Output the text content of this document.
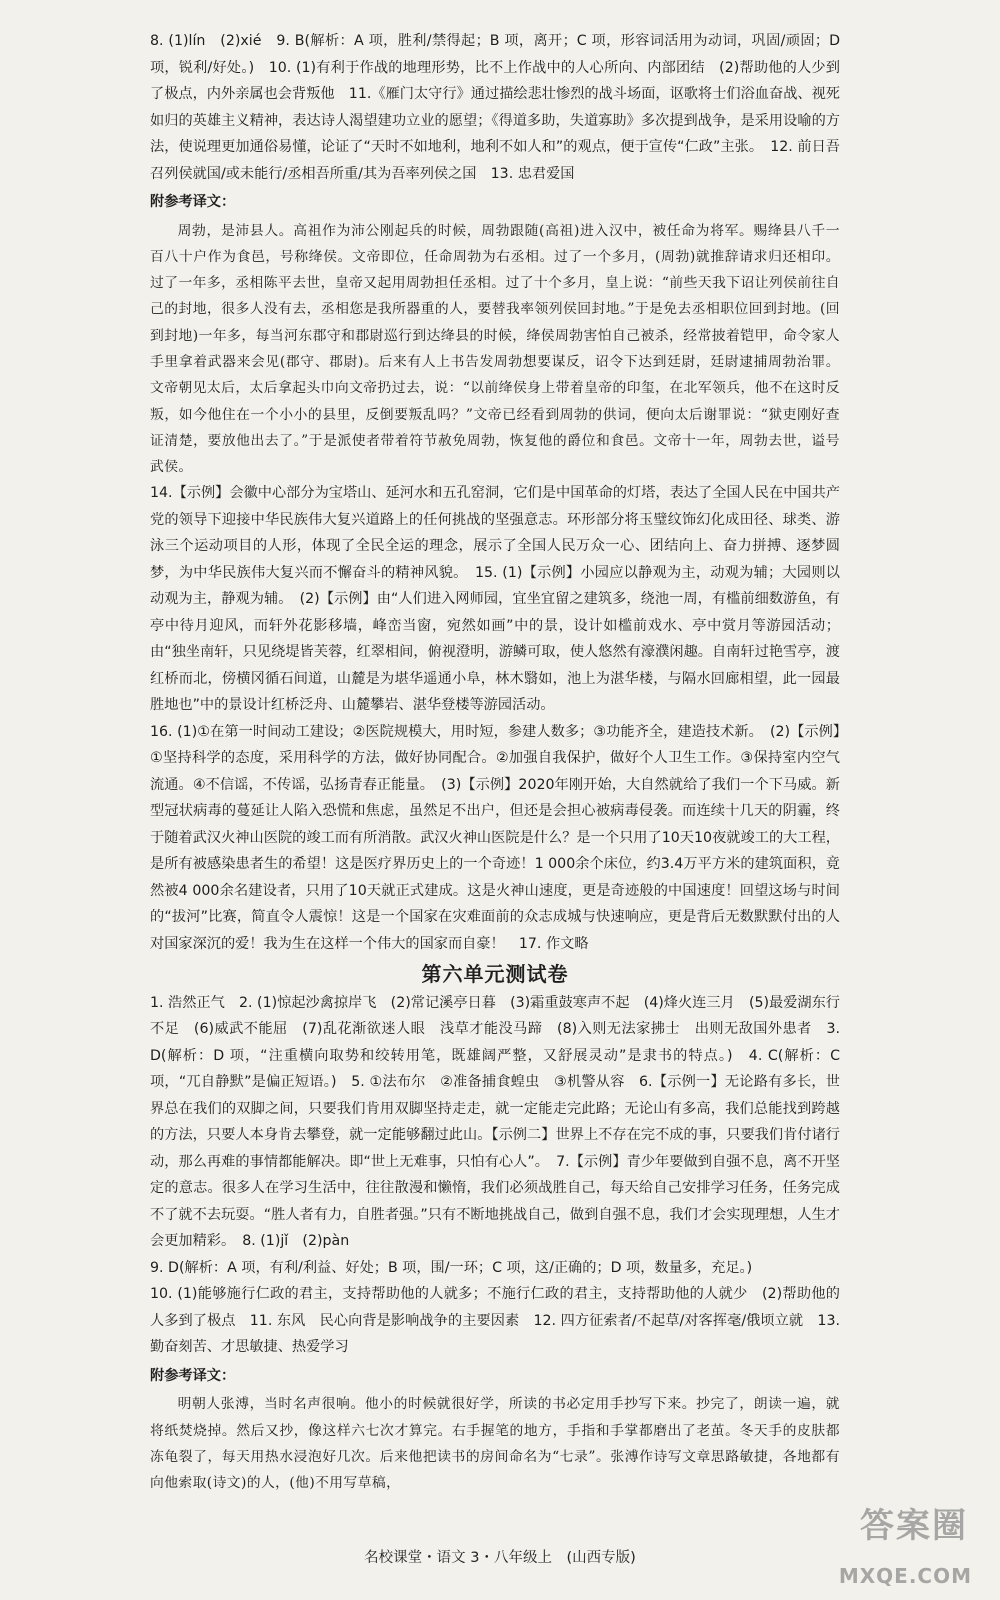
8. (1)lín　(2)xié　9. B(解析：A 项，胜利/禁得起；B 项，离开；C 项，形容词活用为动词，巩固/顽固；D 项，锐利/好处。)　10. (1)有利于作战的地理形势，比不上作战中的人心所向、内部团结　(2)帮助他的人少到了极点，内外亲属也会背叛他　11.《雁门太守行》通过描绘悲壮惨烈的战斗场面，讴歌将士们浴血奋战、视死如归的英雄主义精神，表达诗人渴望建功立业的愿望；《得道多助，失道寡助》多次提到战争，是采用设喻的方法，使说理更加通俗易懂，论证了“天时不如地利，地利不如人和”的观点，便于宣传“仁政”主张。　12. 前日吾召列侯就国/或未能行/丞相吾所重/其为吾率列侯之国　13. 忠君爱国

附参考译文：

周勃，是沛县人。高祖作为沛公刚起兵的时候，周勃跟随(高祖)进入汉中，被任命为将军。赐绛县八千一百八十户作为食邑，号称绛侯。文帝即位，任命周勃为右丞相。过了一个多月，(周勃)就推辞请求归还相印。过了一年多，丞相陈平去世，皇帝又起用周勃担任丞相。过了十个多月，皇上说：“前些天我下诏让列侯前往自己的封地，很多人没有去，丞相您是我所器重的人，要替我率领列侯回封地。”于是免去丞相职位回到封地。(回到封地)一年多，每当河东郡守和郡尉巡行到达绛县的时候，绛侯周勃害怕自己被杀，经常披着铠甲，命令家人手里拿着武器来会见(郡守、郡尉)。后来有人上书告发周勃想要谋反，诏令下达到廷尉，廷尉逮捕周勃治罪。文帝朝见太后，太后拿起头巾向文帝扔过去，说：“以前绛侯身上带着皇帝的印玺，在北军领兵，他不在这时反叛，如今他住在一个小小的县里，反倒要叛乱吗？”文帝已经看到周勃的供词，便向太后谢罪说：“狱吏刚好查证清楚，要放他出去了。”于是派使者带着符节赦免周勃，恢复他的爵位和食邑。文帝十一年，周勃去世，谥号武侯。

14.【示例】会徽中心部分为宝塔山、延河水和五孔窑洞，它们是中国革命的灯塔，表达了全国人民在中国共产党的领导下迎接中华民族伟大复兴道路上的任何挑战的坚强意志。环形部分将玉璧纹饰幻化成田径、球类、游泳三个运动项目的人形，体现了全民全运的理念，展示了全国人民万众一心、团结向上、奋力拼搏、逐梦圆梦，为中华民族伟大复兴而不懈奋斗的精神风貌。　15. (1)【示例】小园应以静观为主，动观为辅；大园则以动观为主，静观为辅。　(2)【示例】由“人们进入网师园，宜坐宜留之建筑多，绕池一周，有槛前细数游鱼，有亭中待月迎风，而轩外花影移墙，峰峦当窗，宛然如画”中的景，设计如槛前戏水、亭中赏月等游园活动；由“独坐南轩，只见绕堤皆芙蓉，红翠相间，俯视澄明，游鳞可取，使人悠然有濠濮闲趣。自南轩过艳雪亭，渡红桥而北，傍横冈循石间道，山麓是为堪华遥通小阜，林木翳如，池上为湛华楼，与隔水回廊相望，此一园最胜地也”中的景设计红桥泛舟、山麓攀岩、湛华登楼等游园活动。

16. (1)①在第一时间动工建设；②医院规模大，用时短，参建人数多；③功能齐全，建造技术新。　(2)【示例】①坚持科学的态度，采用科学的方法，做好协同配合。②加强自我保护，做好个人卫生工作。③保持室内空气流通。④不信谣，不传谣，弘扬青春正能量。　(3)【示例】2020年刚开始，大自然就给了我们一个下马威。新型冠状病毒的蔓延让人陷入恐慌和焦虑，虽然足不出户，但还是会担心被病毒侵袭。而连续十几天的阴霾，终于随着武汉火神山医院的竣工而有所消散。武汉火神山医院是什么？是一个只用了10天10夜就竣工的大工程，是所有被感染患者生的希望！这是医疗界历史上的一个奇迹！1 000余个床位，约3.4万平方米的建筑面积，竟然被4 000余名建设者，只用了10天就正式建成。这是火神山速度，更是奇迹般的中国速度！回望这场与时间的“拔河”比赛，简直令人震惊！这是一个国家在灾难面前的众志成城与快速响应，更是背后无数默默付出的人对国家深沉的爱！我为生在这样一个伟大的国家而自豪！　17. 作文略

第六单元测试卷

1. 浩然正气　2. (1)惊起沙禽掠岸飞　(2)常记溪亭日暮　(3)霜重鼓寒声不起　(4)烽火连三月　(5)最爱湖东行不足　(6)威武不能屈　(7)乱花渐欲迷人眼　浅草才能没马蹄　(8)入则无法家拂士　出则无敌国外患者　3. D(解析：D 项，“注重横向取势和绞转用笔，既雄阔严整，又舒展灵动”是隶书的特点。)　4. C(解析：C 项，“兀自静默”是偏正短语。)　5. ①法布尔　②准备捕食蝗虫　③机警从容　6.【示例一】无论路有多长，世界总在我们的双脚之间，只要我们肯用双脚坚持走走，就一定能走完此路；无论山有多高，我们总能找到跨越的方法，只要人本身肯去攀登，就一定能够翻过此山。【示例二】世界上不存在完不成的事，只要我们肯付诸行动，那么再难的事情都能解决。即“世上无难事，只怕有心人”。　7.【示例】青少年要做到自强不息，离不开坚定的意志。很多人在学习生活中，往往散漫和懒惰，我们必须战胜自己，每天给自己安排学习任务，任务完成不了就不去玩耍。“胜人者有力，自胜者强。”只有不断地挑战自己，做到自强不息，我们才会实现理想，人生才会更加精彩。　8. (1)jǐ　(2)pàn

9. D(解析：A 项，有利/利益、好处；B 项，围/一环；C 项，这/正确的；D 项，数量多，充足。)

10. (1)能够施行仁政的君主，支持帮助他的人就多；不施行仁政的君主，支持帮助他的人就少　(2)帮助他的人多到了极点　11. 东风　民心向背是影响战争的主要因素　12. 四方征索者/不起草/对客挥毫/俄顷立就　13. 勤奋刻苦、才思敏捷、热爱学习

附参考译文：

明朝人张溥，当时名声很响。他小的时候就很好学，所读的书必定用手抄写下来。抄完了，朗读一遍，就将纸焚烧掉。然后又抄，像这样六七次才算完。右手握笔的地方，手指和手掌都磨出了老茧。冬天手的皮肤都冻龟裂了，每天用热水浸泡好几次。后来他把读书的房间命名为“七录”。张溥作诗写文章思路敏捷，各地都有向他索取(诗文)的人，(他)不用写草稿，

名校课堂・语文 3・八年级上　(山西专版)
答案圈
MXQE.COM
